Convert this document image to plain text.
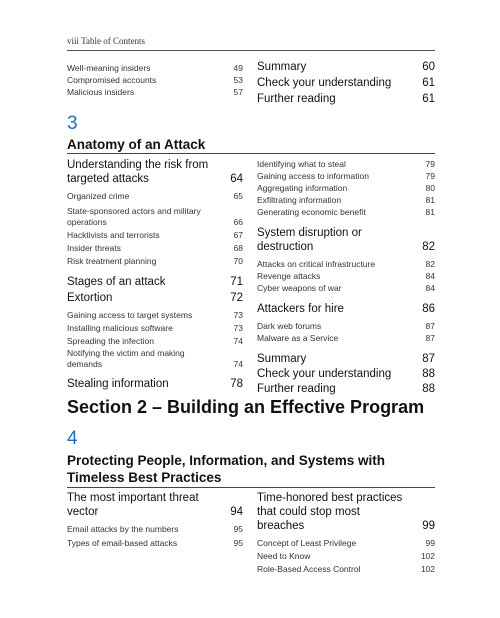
viii Table of Contents
Well-meaning insiders	49
Compromised accounts	53
Malicious insiders	57
Summary	60
Check your understanding	61
Further reading	61
3
Anatomy of an Attack
Understanding the risk from targeted attacks	64
Organized crime	65
State-sponsored actors and military operations	66
Hacktivists and terrorists	67
Insider threats	68
Risk treatment planning	70
Stages of an attack	71
Extortion	72
Gaining access to target systems	73
Installing malicious software	73
Spreading the infection	74
Notifying the victim and making demands	74
Stealing information	78
Identifying what to steal	79
Gaining access to information	79
Aggregating information	80
Exfiltrating information	81
Generating economic benefit	81
System disruption or destruction	82
Attacks on critical infrastructure	82
Revenge attacks	84
Cyber weapons of war	84
Attackers for hire	86
Dark web forums	87
Malware as a Service	87
Summary	87
Check your understanding	88
Further reading	88
Section 2 – Building an Effective Program
4
Protecting People, Information, and Systems with Timeless Best Practices
The most important threat vector	94
Email attacks by the numbers	95
Types of email-based attacks	95
Time-honored best practices that could stop most breaches	99
Concept of Least Privilege	99
Need to Know	102
Role-Based Access Control	102
